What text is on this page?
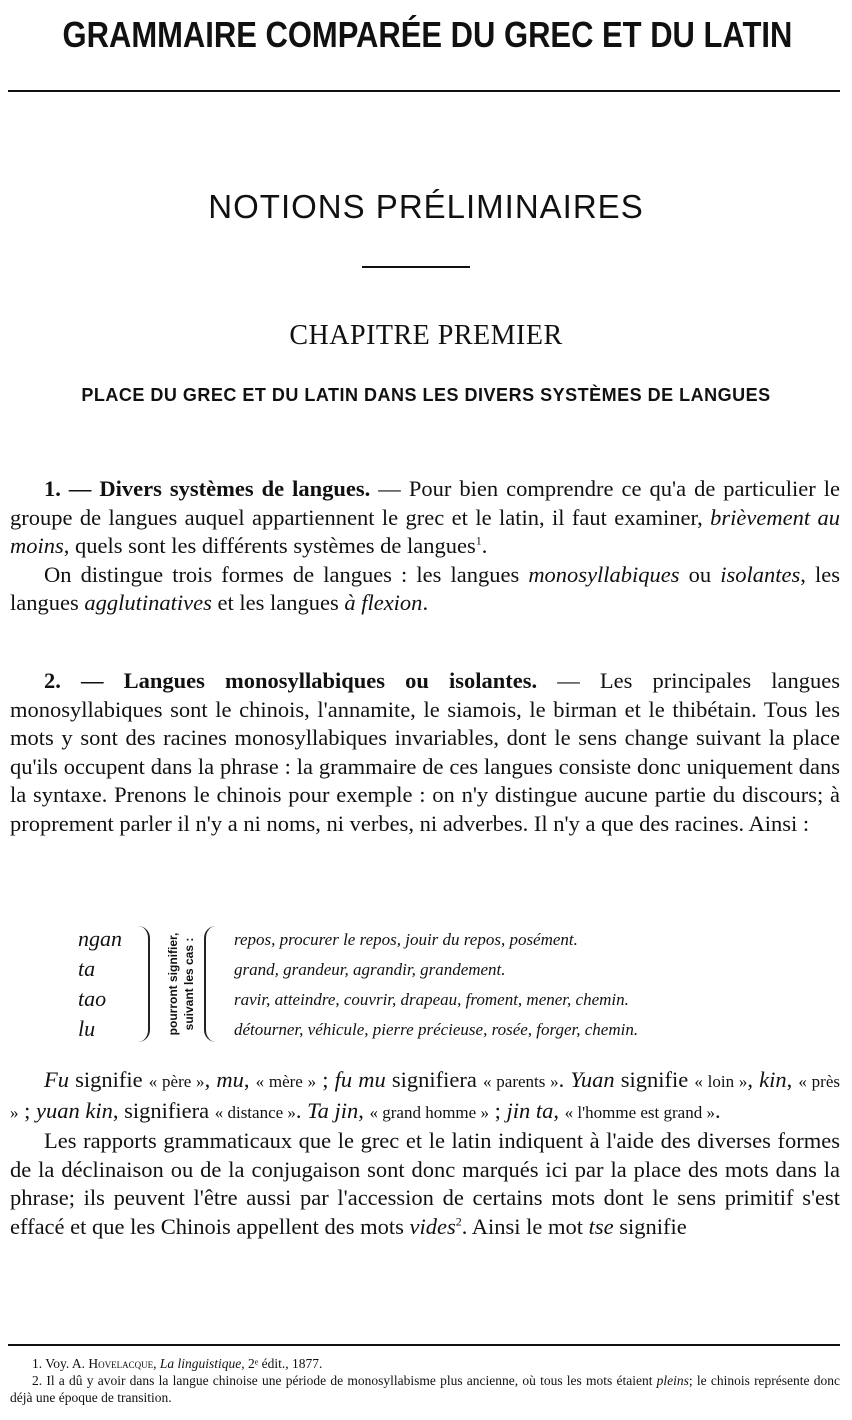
GRAMMAIRE COMPARÉE DU GREC ET DU LATIN
NOTIONS PRÉLIMINAIRES
CHAPITRE PREMIER
PLACE DU GREC ET DU LATIN DANS LES DIVERS SYSTÈMES DE LANGUES

1. — Divers systèmes de langues. — Pour bien comprendre ce qu'a de particulier le groupe de langues auquel appartiennent le grec et le latin, il faut examiner, brièvement au moins, quels sont les différents systèmes de langues$^1$.

On distingue trois formes de langues : les langues monosyllabiques ou isolantes, les langues agglutinatives et les langues à flexion.

2. — Langues monosyllabiques ou isolantes. — Les principales langues monosyllabiques sont le chinois, l'annamite, le siamois, le birman et le thibétain. Tous les mots y sont des racines monosyllabiques invariables, dont le sens change suivant la place qu'ils occupent dans la phrase : la grammaire de ces langues consiste donc uniquement dans la syntaxe. Prenons le chinois pour exemple : on n'y distingue aucune partie du discours; à proprement parler il n'y a ni noms, ni verbes, ni adverbes. Il n'y a que des racines. Ainsi :

ngan
ta
tao
lu	pourront signifier, suivant les cas : repos, procurer le repos, jouir du repos, posément.
grand, grandeur, agrandir, grandement.
ravir, atteindre, couvrir, drapeau, froment, mener, chemin.
détourner, véhicule, pierre précieuse, rosée, forger, chemin.

Fu signifie « père », mu, « mère » ; fu mu signifiera « parents ». Yuan signifie « loin », kin, « près » ; yuan kin, signifiera « distance ». Ta jin, « grand homme » ; jin ta, « l'homme est grand ».

Les rapports grammaticaux que le grec et le latin indiquent à l'aide des diverses formes de la déclinaison ou de la conjugaison sont donc marqués ici par la place des mots dans la phrase; ils peuvent l'être aussi par l'accession de certains mots dont le sens primitif s'est effacé et que les Chinois appellent des mots vides$^2$. Ainsi le mot tse signifie

1. Voy. A. Hovelacque, La linguistique, 2ᵉ édit., 1877.

2. Il a dû y avoir dans la langue chinoise une période de monosyllabisme plus ancienne, où tous les mots étaient pleins; le chinois représente donc déjà une époque de transition.
